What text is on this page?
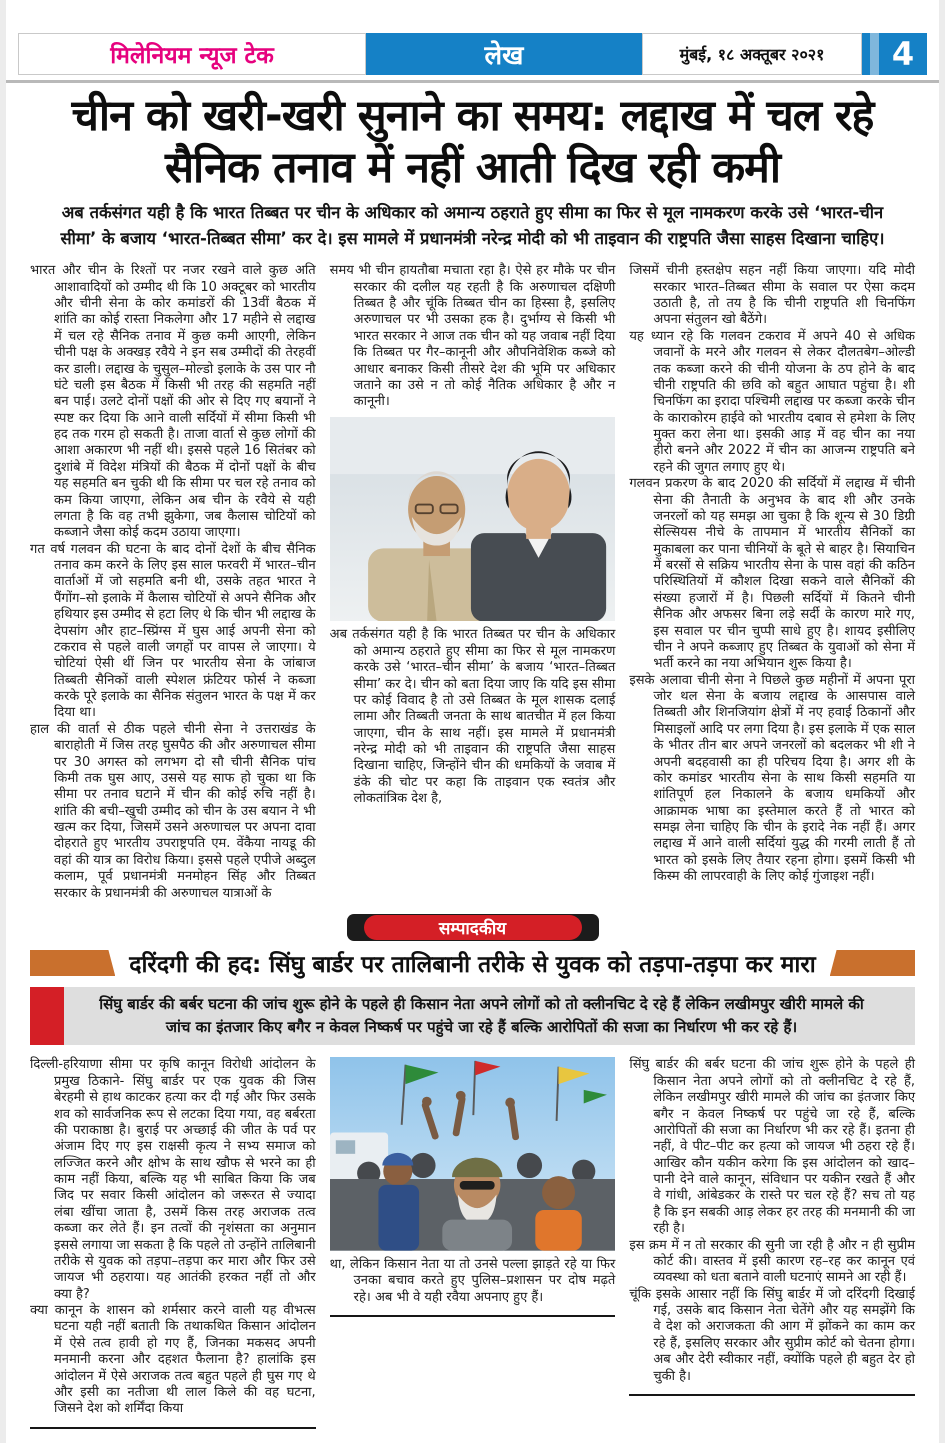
मिलेनियम न्यूज टेक	लेख	मुंबई, १८ अक्तूबर २०२१ 4
चीन को खरी-खरी सुनाने का समय: लद्दाख में चल रहे सैनिक तनाव में नहीं आती दिख रही कमी

अब तर्कसंगत यही है कि भारत तिब्बत पर चीन के अधिकार को अमान्य ठहराते हुए सीमा का फिर से मूल नामकरण करके उसे ‘भारत-चीन सीमा’ के बजाय ‘भारत-तिब्बत सीमा’ कर दे। इस मामले में प्रधानमंत्री नरेन्द्र मोदी को भी ताइवान की राष्ट्रपति जैसा साहस दिखाना चाहिए।

भारत और चीन के रिश्तों पर नजर रखने वाले कुछ अति आशावादियों को उम्मीद थी कि 10 अक्टूबर को भारतीय और चीनी सेना के कोर कमांडरों की 13वीं बैठक में शांति का कोई रास्ता निकलेगा और 17 महीने से लद्दाख में चल रहे सैनिक तनाव में कुछ कमी आएगी, लेकिन चीनी पक्ष के अक्खड़ रवैये ने इन सब उम्मीदों की तेरहवीं कर डाली। लद्दाख के चुसुल–मोल्डो इलाके के उस पार नौ घंटे चली इस बैठक में किसी भी तरह की सहमति नहीं बन पाई। उलटे दोनों पक्षों की ओर से दिए गए बयानों ने स्पष्ट कर दिया कि आने वाली सर्दियों में सीमा किसी भी हद तक गरम हो सकती है। ताजा वार्ता से कुछ लोगों की आशा अकारण भी नहीं थी। इससे पहले 16 सितंबर को दुशांबे में विदेश मंत्रियों की बैठक में दोनों पक्षों के बीच यह सहमति बन चुकी थी कि सीमा पर चल रहे तनाव को कम किया जाएगा, लेकिन अब चीन के रवैये से यही लगता है कि वह तभी झुकेगा, जब कैलास चोटियों को कब्जाने जैसा कोई कदम उठाया जाएगा।

गत वर्ष गलवन की घटना के बाद दोनों देशों के बीच सैनिक तनाव कम करने के लिए इस साल फरवरी में भारत–चीन वार्ताओं में जो सहमति बनी थी, उसके तहत भारत ने पैंगोंग–सो इलाके में कैलास चोटियों से अपने सैनिक और हथियार इस उम्मीद से हटा लिए थे कि चीन भी लद्दाख के देपसांग और हाट–स्प्रिंग्स में घुस आई अपनी सेना को टकराव से पहले वाली जगहों पर वापस ले जाएगा। ये चोटियां ऐसी थीं जिन पर भारतीय सेना के जांबाज तिब्बती सैनिकों वाली स्पेशल फ्रंटियर फोर्स ने कब्जा करके पूरे इलाके का सैनिक संतुलन भारत के पक्ष में कर दिया था।

हाल की वार्ता से ठीक पहले चीनी सेना ने उत्तराखंड के बाराहोती में जिस तरह घुसपैठ की और अरुणाचल सीमा पर 30 अगस्त को लगभग दो सौ चीनी सैनिक पांच किमी तक घुस आए, उससे यह साफ हो चुका था कि सीमा पर तनाव घटाने में चीन की कोई रुचि नहीं है। शांति की बची–खुची उम्मीद को चीन के उस बयान ने भी खत्म कर दिया, जिसमें उसने अरुणाचल पर अपना दावा दोहराते हुए भारतीय उपराष्ट्रपति एम. वेंकैया नायडू की वहां की यात्र का विरोध किया। इससे पहले एपीजे अब्दुल कलाम, पूर्व प्रधानमंत्री मनमोहन सिंह और तिब्बत सरकार के प्रधानमंत्री की अरुणाचल यात्राओं के

समय भी चीन हायतौबा मचाता रहा है। ऐसे हर मौके पर चीन सरकार की दलील यह रहती है कि अरुणाचल दक्षिणी तिब्बत है और चूंकि तिब्बत चीन का हिस्सा है, इसलिए अरुणाचल पर भी उसका हक है। दुर्भाग्य से किसी भी भारत सरकार ने आज तक चीन को यह जवाब नहीं दिया कि तिब्बत पर गैर–कानूनी और औपनिवेशिक कब्जे को आधार बनाकर किसी तीसरे देश की भूमि पर अधिकार जताने का उसे न तो कोई नैतिक अधिकार है और न कानूनी।

अब तर्कसंगत यही है कि भारत तिब्बत पर चीन के अधिकार को अमान्य ठहराते हुए सीमा का फिर से मूल नामकरण करके उसे ‘भारत–चीन सीमा’ के बजाय ‘भारत–तिब्बत सीमा’ कर दे। चीन को बता दिया जाए कि यदि इस सीमा पर कोई विवाद है तो उसे तिब्बत के मूल शासक दलाई लामा और तिब्बती जनता के साथ बातचीत में हल किया जाएगा, चीन के साथ नहीं। इस मामले में प्रधानमंत्री नरेन्द्र मोदी को भी ताइवान की राष्ट्रपति जैसा साहस दिखाना चाहिए, जिन्होंने चीन की धमकियों के जवाब में डंके की चोट पर कहा कि ताइवान एक स्वतंत्र और लोकतांत्रिक देश है,

जिसमें चीनी हस्तक्षेप सहन नहीं किया जाएगा। यदि मोदी सरकार भारत–तिब्बत सीमा के सवाल पर ऐसा कदम उठाती है, तो तय है कि चीनी राष्ट्रपति शी चिनफिंग अपना संतुलन खो बैठेंगे।

यह ध्यान रहे कि गलवन टकराव में अपने 40 से अधिक जवानों के मरने और गलवन से लेकर दौलतबेग–ओल्डी तक कब्जा करने की चीनी योजना के ठप होने के बाद चीनी राष्ट्रपति की छवि को बहुत आघात पहुंचा है। शी चिनफिंग का इरादा पश्चिमी लद्दाख पर कब्जा करके चीन के काराकोरम हाईवे को भारतीय दबाव से हमेशा के लिए मुक्त करा लेना था। इसकी आड़ में वह चीन का नया हीरो बनने और 2022 में चीन का आजन्म राष्ट्रपति बने रहने की जुगत लगाए हुए थे।

गलवन प्रकरण के बाद 2020 की सर्दियों में लद्दाख में चीनी सेना की तैनाती के अनुभव के बाद शी और उनके जनरलों को यह समझ आ चुका है कि शून्य से 30 डिग्री सेल्सियस नीचे के तापमान में भारतीय सैनिकों का मुकाबला कर पाना चीनियों के बूते से बाहर है। सियाचिन में बरसों से सक्रिय भारतीय सेना के पास वहां की कठिन परिस्थितियों में कौशल दिखा सकने वाले सैनिकों की संख्या हजारों में है। पिछली सर्दियों में कितने चीनी सैनिक और अफसर बिना लड़े सर्दी के कारण मारे गए, इस सवाल पर चीन चुप्पी साधे हुए है। शायद इसीलिए चीन ने अपने कब्जाए हुए तिब्बत के युवाओं को सेना में भर्ती करने का नया अभियान शुरू किया है।

इसके अलावा चीनी सेना ने पिछले कुछ महीनों में अपना पूरा जोर थल सेना के बजाय लद्दाख के आसपास वाले तिब्बती और शिनजियांग क्षेत्रों में नए हवाई ठिकानों और मिसाइलों आदि पर लगा दिया है। इस इलाके में एक साल के भीतर तीन बार अपने जनरलों को बदलकर भी शी ने अपनी बदहवासी का ही परिचय दिया है। अगर शी के कोर कमांडर भारतीय सेना के साथ किसी सहमति या शांतिपूर्ण हल निकालने के बजाय धमकियों और आक्रामक भाषा का इस्तेमाल करते हैं तो भारत को समझ लेना चाहिए कि चीन के इरादे नेक नहीं हैं। अगर लद्दाख में आने वाली सर्दियां युद्ध की गरमी लाती हैं तो भारत को इसके लिए तैयार रहना होगा। इसमें किसी भी किस्म की लापरवाही के लिए कोई गुंजाइश नहीं।

सम्पादकीय
दरिंदगी की हद: सिंघु बार्डर पर तालिबानी तरीके से युवक को तड़पा-तड़पा कर मारा

सिंघु बार्डर की बर्बर घटना की जांच शुरू होने के पहले ही किसान नेता अपने लोगों को तो क्लीनचिट दे रहे हैं लेकिन लखीमपुर खीरी मामले की जांच का इंतजार किए बगैर न केवल निष्कर्ष पर पहुंचे जा रहे हैं बल्कि आरोपितों की सजा का निर्धारण भी कर रहे हैं।

दिल्ली-हरियाणा सीमा पर कृषि कानून विरोधी आंदोलन के प्रमुख ठिकाने- सिंघु बार्डर पर एक युवक की जिस बेरहमी से हाथ काटकर हत्या कर दी गई और फिर उसके शव को सार्वजनिक रूप से लटका दिया गया, वह बर्बरता की पराकाष्ठा है। बुराई पर अच्छाई की जीत के पर्व पर अंजाम दिए गए इस राक्षसी कृत्य ने सभ्य समाज को लज्जित करने और क्षोभ के साथ खौफ से भरने का ही काम नहीं किया, बल्कि यह भी साबित किया कि जब जिद पर सवार किसी आंदोलन को जरूरत से ज्यादा लंबा खींचा जाता है, उसमें किस तरह अराजक तत्व कब्जा कर लेते हैं। इन तत्वों की नृशंसता का अनुमान इससे लगाया जा सकता है कि पहले तो उन्होंने तालिबानी तरीके से युवक को तड़पा–तड़पा कर मारा और फिर उसे जायज भी ठहराया। यह आतंकी हरकत नहीं तो और क्या है?

क्या कानून के शासन को शर्मसार करने वाली यह वीभत्स घटना यही नहीं बताती कि तथाकथित किसान आंदोलन में ऐसे तत्व हावी हो गए हैं, जिनका मकसद अपनी मनमानी करना और दहशत फैलाना है? हालांकि इस आंदोलन में ऐसे अराजक तत्व बहुत पहले ही घुस गए थे और इसी का नतीजा थी लाल किले की वह घटना, जिसने देश को शर्मिंदा किया

था, लेकिन किसान नेता या तो उनसे पल्ला झाड़ते रहे या फिर उनका बचाव करते हुए पुलिस–प्रशासन पर दोष मढ़ते रहे। अब भी वे यही रवैया अपनाए हुए हैं।

सिंघु बार्डर की बर्बर घटना की जांच शुरू होने के पहले ही किसान नेता अपने लोगों को तो क्लीनचिट दे रहे हैं, लेकिन लखीमपुर खीरी मामले की जांच का इंतजार किए बगैर न केवल निष्कर्ष पर पहुंचे जा रहे हैं, बल्कि आरोपितों की सजा का निर्धारण भी कर रहे हैं। इतना ही नहीं, वे पीट–पीट कर हत्या को जायज भी ठहरा रहे हैं। आखिर कौन यकीन करेगा कि इस आंदोलन को खाद–पानी देने वाले कानून, संविधान पर यकीन रखते हैं और वे गांधी, आंबेडकर के रास्ते पर चल रहे हैं? सच तो यह है कि इन सबकी आड़ लेकर हर तरह की मनमानी की जा रही है।

इस क्रम में न तो सरकार की सुनी जा रही है और न ही सुप्रीम कोर्ट की। वास्तव में इसी कारण रह–रह कर कानून एवं व्यवस्था को धता बताने वाली घटनाएं सामने आ रही हैं।

चूंकि इसके आसार नहीं कि सिंघु बार्डर में जो दरिंदगी दिखाई गई, उसके बाद किसान नेता चेतेंगे और यह समझेंगे कि वे देश को अराजकता की आग में झोंकने का काम कर रहे हैं, इसलिए सरकार और सुप्रीम कोर्ट को चेतना होगा। अब और देरी स्वीकार नहीं, क्योंकि पहले ही बहुत देर हो चुकी है।
